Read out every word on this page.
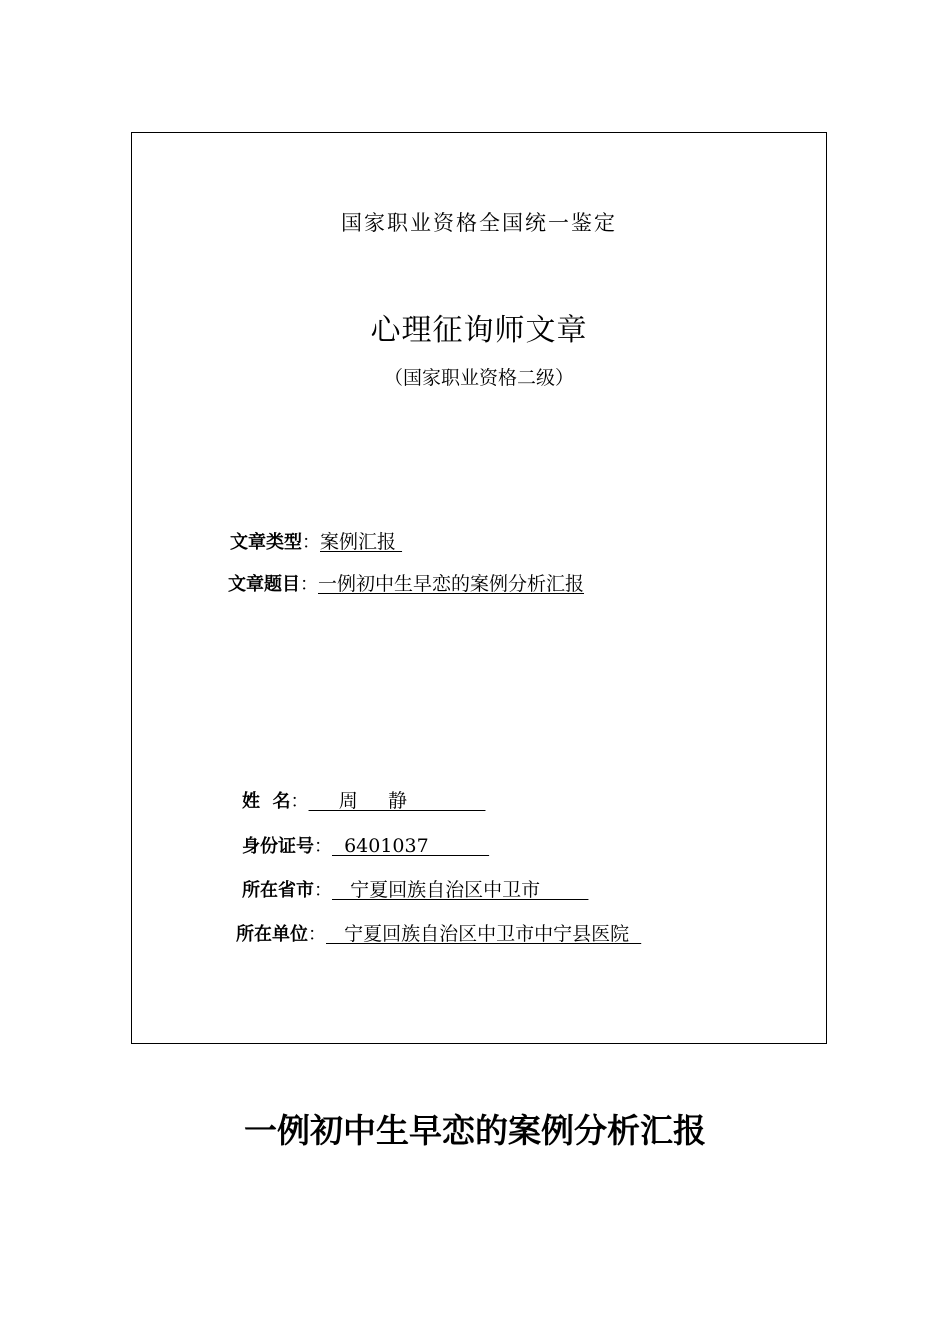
国家职业资格全国统一鉴定
心理征询师文章
（国家职业资格二级）
文章类型：案例汇报
文章题目：一例初中生早恋的案例分析汇报
姓  名：     周     静
身份证号：  6401037
所在省市：   宁夏回族自治区中卫市
所在单位：   宁夏回族自治区中卫市中宁县医院
一例初中生早恋的案例分析汇报
